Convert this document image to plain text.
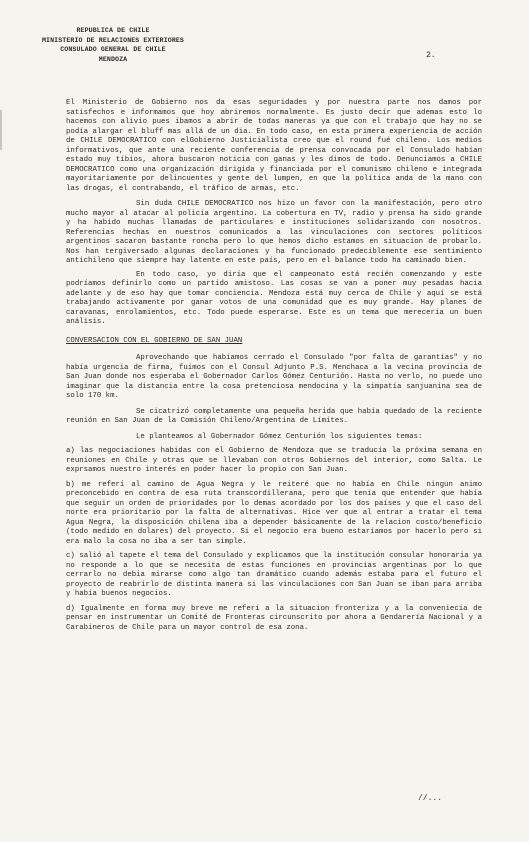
REPUBLICA DE CHILE
MINISTERIO DE RELACIONES EXTERIORES
CONSULADO GENERAL DE CHILE
MENDOZA	2.

El Ministerio de Gobierno nos da esas seguridades y por nuestra parte nos damos por satisfechos e informamos que hoy abriremos normalmente. Es justo decir que ademas esto lo hacemos con alivio pues íbamos a abrir de todas maneras ya que con el trabajo que hay no se podía alargar el bluff mas allá de un dia. En todo caso, en esta primera experiencia de acción de CHILE DEMOCRATICO con elGobierno Justicialista creo que el round fué chileno. Los medios informativos, que ante una reciente conferencia de prensa convocada por el Consulado habían estado muy tibios, ahora buscaron noticia con ganas y les dimos de todo. Denunciamos a CHILE DEMOCRATICO como una organización dirigida y financiada por el comunismo chileno e integrada mayoritariamente por delincuentes y gente del lumpen, en que la política anda de la mano con las drogas, el contrabando, el tráfico de armas, etc.

Sin duda CHILE DEMOCRATICO nos hizo un favor con la manifestación, pero otro mucho mayor al atacar al policía argentino. La cobertura en TV, radio y prensa ha sido grande y ha habido muchas llamadas de particulares e instituciones solidarizando con nosotros. Referencias hechas en nuestros comunicados a las vinculaciones con sectores políticos argentinos sacaron bastante roncha pero lo que hemos dicho estamos en situacion de probarlo. Nos han tergiversado algunas declaraciones y ha funcionado predeciblemente ese sentimiento antichileno que siempre hay latente en este país, pero en el balance todo ha caminado bien.

En todo caso, yo diría que el campeonato está recién comenzando y este podríamos definirlo como un partido amistoso. Las cosas se van a poner muy pesadas hacia adelante y de eso hay que tomar conciencia. Mendoza está muy cerca de Chile y aquí se está trabajando activamente por ganar votos de una comunidad que es muy grande. Hay planes de caravanas, enrolamientos, etc. Todo puede esperarse. Este es un tema que merecería un buen análisis.

CONVERSACION CON EL GOBIERNO DE SAN JUAN

Aprovechando que habíamos cerrado el Consulado "por falta de garantías" y no había urgencia de firma, fuimos con el Consul Adjunto P.S. Menchaca a la vecina provincia de San Juan donde nos esperaba el Gobernador Carlos Gómez Centurión. Hasta no verlo, no puede uno imaginar que la distancia entre la cosa pretenciosa mendocina y la simpatía sanjuanina sea de solo 170 km.

Se cicatrizó completamente una pequeña herida que había quedado de la reciente reunión en San Juan de la Comisión Chileno/Argentina de Límites.

Le planteamos al Gobernador Gómez Centurión los siguientes temas:

a) las negociaciones habidas con el Gobierno de Mendoza que se traducía la próxima semana en reuniones en Chile y otras que se llevaban con otros Gobiernos del interior, como Salta. Le exprsamos nuestro interés en poder hacer lo propio con San Juan.

b) me referí al camino de Agua Negra y le reiteré que no había en Chile ningun animo preconcebido en contra de esa ruta transcordillerana, pero que tenía que entender que había que seguir un orden de prioridades por lo demas acordado por los dos países y que el caso del norte era prioritario por la falta de alternativas. Hice ver que al entrar a tratar el tema Agua Negra, la disposición chilena iba a depender básicamente de la relacion costo/beneficio (todo medido en dolares) del proyecto. Si el negocio era bueno estaríamos por hacerlo pero si era malo la cosa no iba a ser tan simple.

c) salió al tapete el tema del Consulado y explicamos que la institución consular honoraria ya no responde a lo que se necesita de estas funciones en provincias argentinas por lo que cerrarlo no debia mirarse como algo tan dramático cuando además estaba para el futuro el proyecto de reabrirlo de distinta manera si las vinculaciones con San Juan se iban para arriba y había buenos negocios.

d) Igualmente en forma muy breve me referí a la situacion fronteriza y a la conveniecia de pensar en instrumentar un Comité de Fronteras circunscrito por ahora a Gendarería Nacional y a Carabineros de Chile para un mayor control de esa zona.

//...
